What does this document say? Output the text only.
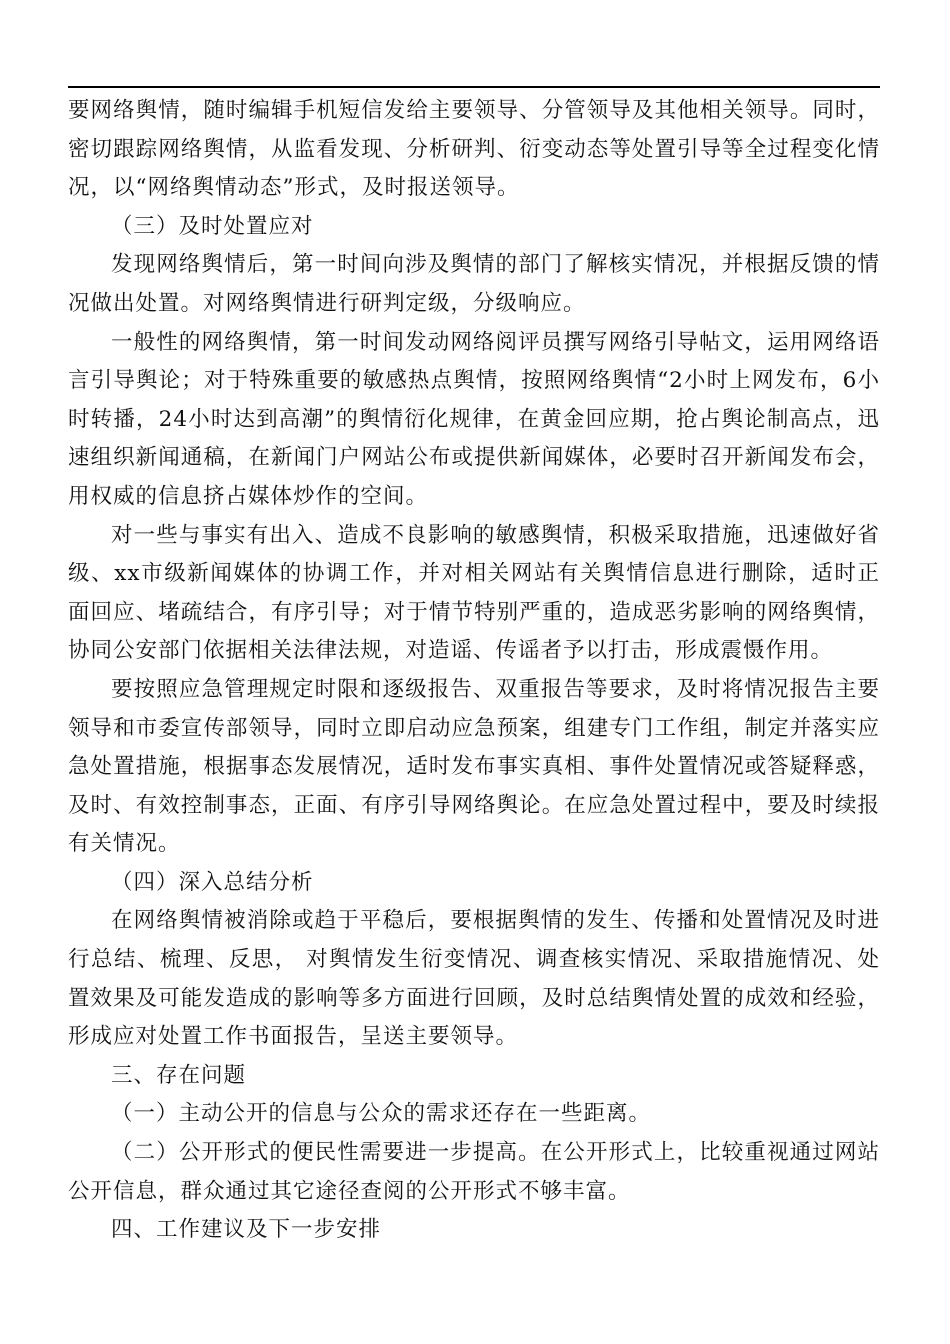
要网络舆情，随时编辑手机短信发给主要领导、分管领导及其他相关领导。同时，密切跟踪网络舆情，从监看发现、分析研判、衍变动态等处置引导等全过程变化情况，以“网络舆情动态”形式，及时报送领导。

（三）及时处置应对

发现网络舆情后，第一时间向涉及舆情的部门了解核实情况，并根据反馈的情况做出处置。对网络舆情进行研判定级，分级响应。

一般性的网络舆情，第一时间发动网络阅评员撰写网络引导帖文，运用网络语言引导舆论；对于特殊重要的敏感热点舆情，按照网络舆情“2小时上网发布，6小时转播，24小时达到高潮”的舆情衍化规律，在黄金回应期，抢占舆论制高点，迅速组织新闻通稿，在新闻门户网站公布或提供新闻媒体，必要时召开新闻发布会，用权威的信息挤占媒体炒作的空间。

对一些与事实有出入、造成不良影响的敏感舆情，积极采取措施，迅速做好省级、xx市级新闻媒体的协调工作，并对相关网站有关舆情信息进行删除，适时正面回应、堵疏结合，有序引导；对于情节特别严重的，造成恶劣影响的网络舆情，协同公安部门依据相关法律法规，对造谣、传谣者予以打击，形成震慑作用。

要按照应急管理规定时限和逐级报告、双重报告等要求，及时将情况报告主要领导和市委宣传部领导，同时立即启动应急预案，组建专门工作组，制定并落实应急处置措施，根据事态发展情况，适时发布事实真相、事件处置情况或答疑释惑，及时、有效控制事态，正面、有序引导网络舆论。在应急处置过程中，要及时续报有关情况。

（四）深入总结分析

在网络舆情被消除或趋于平稳后，要根据舆情的发生、传播和处置情况及时进行总结、梳理、反思， 对舆情发生衍变情况、调查核实情况、采取措施情况、处置效果及可能发造成的影响等多方面进行回顾，及时总结舆情处置的成效和经验，形成应对处置工作书面报告，呈送主要领导。

三、存在问题

（一）主动公开的信息与公众的需求还存在一些距离。

（二）公开形式的便民性需要进一步提高。在公开形式上，比较重视通过网站公开信息，群众通过其它途径查阅的公开形式不够丰富。

四、工作建议及下一步安排
